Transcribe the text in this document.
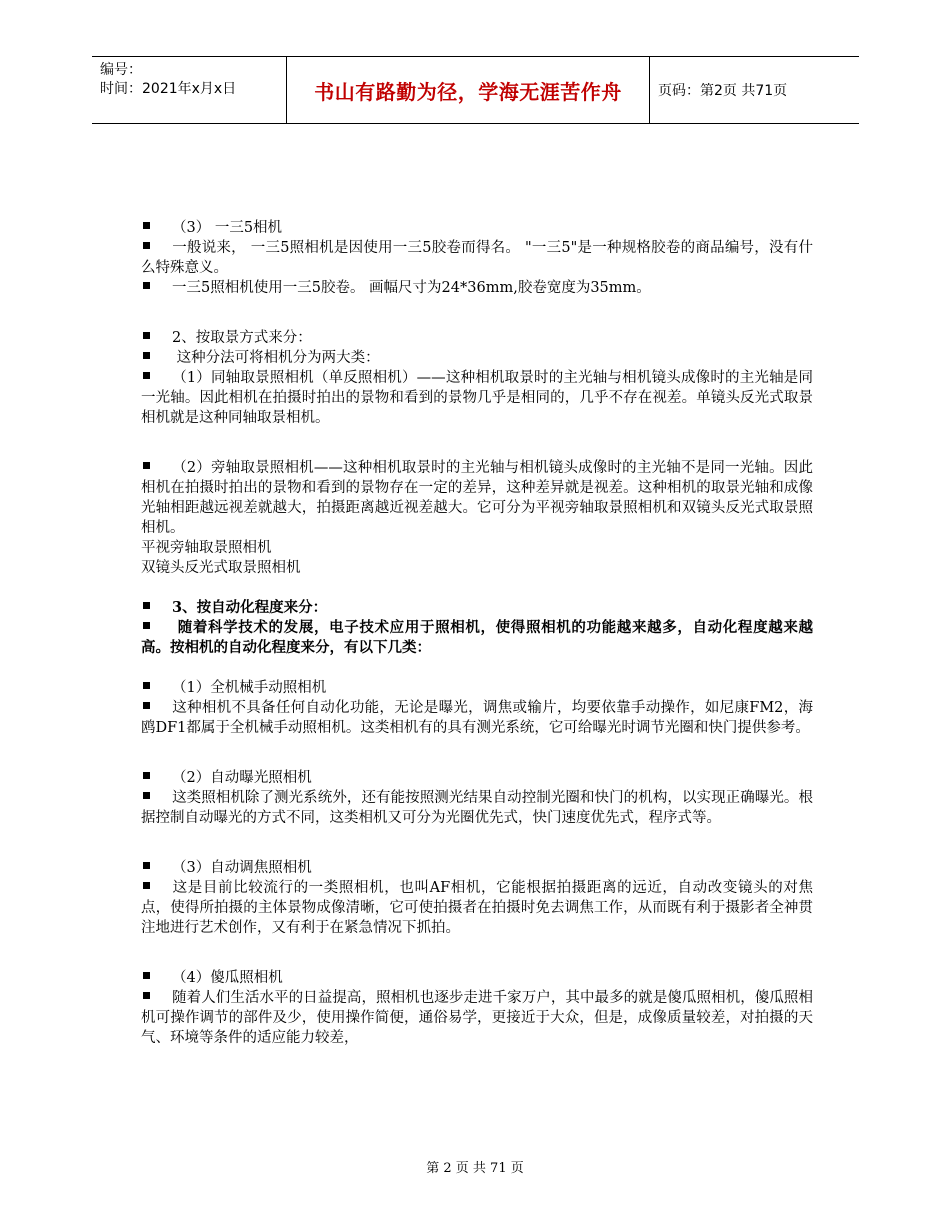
编号：
时间：2021年x月x日	书山有路勤为径，学海无涯苦作舟	页码：第2页 共71页

（3） 一三5相机

一般说来， 一三5照相机是因使用一三5胶卷而得名。 "一三5"是一种规格胶卷的商品编号，没有什么特殊意义。

一三5照相机使用一三5胶卷。 画幅尺寸为24*36mm,胶卷宽度为35mm。

2、按取景方式来分：

这种分法可将相机分为两大类：

（1）同轴取景照相机（单反照相机）——这种相机取景时的主光轴与相机镜头成像时的主光轴是同一光轴。因此相机在拍摄时拍出的景物和看到的景物几乎是相同的，几乎不存在视差。单镜头反光式取景相机就是这种同轴取景相机。

（2）旁轴取景照相机——这种相机取景时的主光轴与相机镜头成像时的主光轴不是同一光轴。因此相机在拍摄时拍出的景物和看到的景物存在一定的差异，这种差异就是视差。这种相机的取景光轴和成像光轴相距越远视差就越大，拍摄距离越近视差越大。它可分为平视旁轴取景照相机和双镜头反光式取景照相机。

平视旁轴取景照相机

双镜头反光式取景照相机

3、按自动化程度来分：

随着科学技术的发展，电子技术应用于照相机，使得照相机的功能越来越多，自动化程度越来越高。按相机的自动化程度来分，有以下几类：

（1）全机械手动照相机

这种相机不具备任何自动化功能，无论是曝光，调焦或输片，均要依靠手动操作，如尼康FM2，海鸥DF1都属于全机械手动照相机。这类相机有的具有测光系统，它可给曝光时调节光圈和快门提供参考。

（2）自动曝光照相机

这类照相机除了测光系统外，还有能按照测光结果自动控制光圈和快门的机构，以实现正确曝光。根据控制自动曝光的方式不同，这类相机又可分为光圈优先式，快门速度优先式，程序式等。

（3）自动调焦照相机

这是目前比较流行的一类照相机，也叫AF相机，它能根据拍摄距离的远近，自动改变镜头的对焦点，使得所拍摄的主体景物成像清晰，它可使拍摄者在拍摄时免去调焦工作，从而既有利于摄影者全神贯注地进行艺术创作，又有利于在紧急情况下抓拍。

（4）傻瓜照相机

随着人们生活水平的日益提高，照相机也逐步走进千家万户，其中最多的就是傻瓜照相机，傻瓜照相机可操作调节的部件及少，使用操作简便，通俗易学，更接近于大众，但是，成像质量较差，对拍摄的天气、环境等条件的适应能力较差，

第 2 页 共 71 页
